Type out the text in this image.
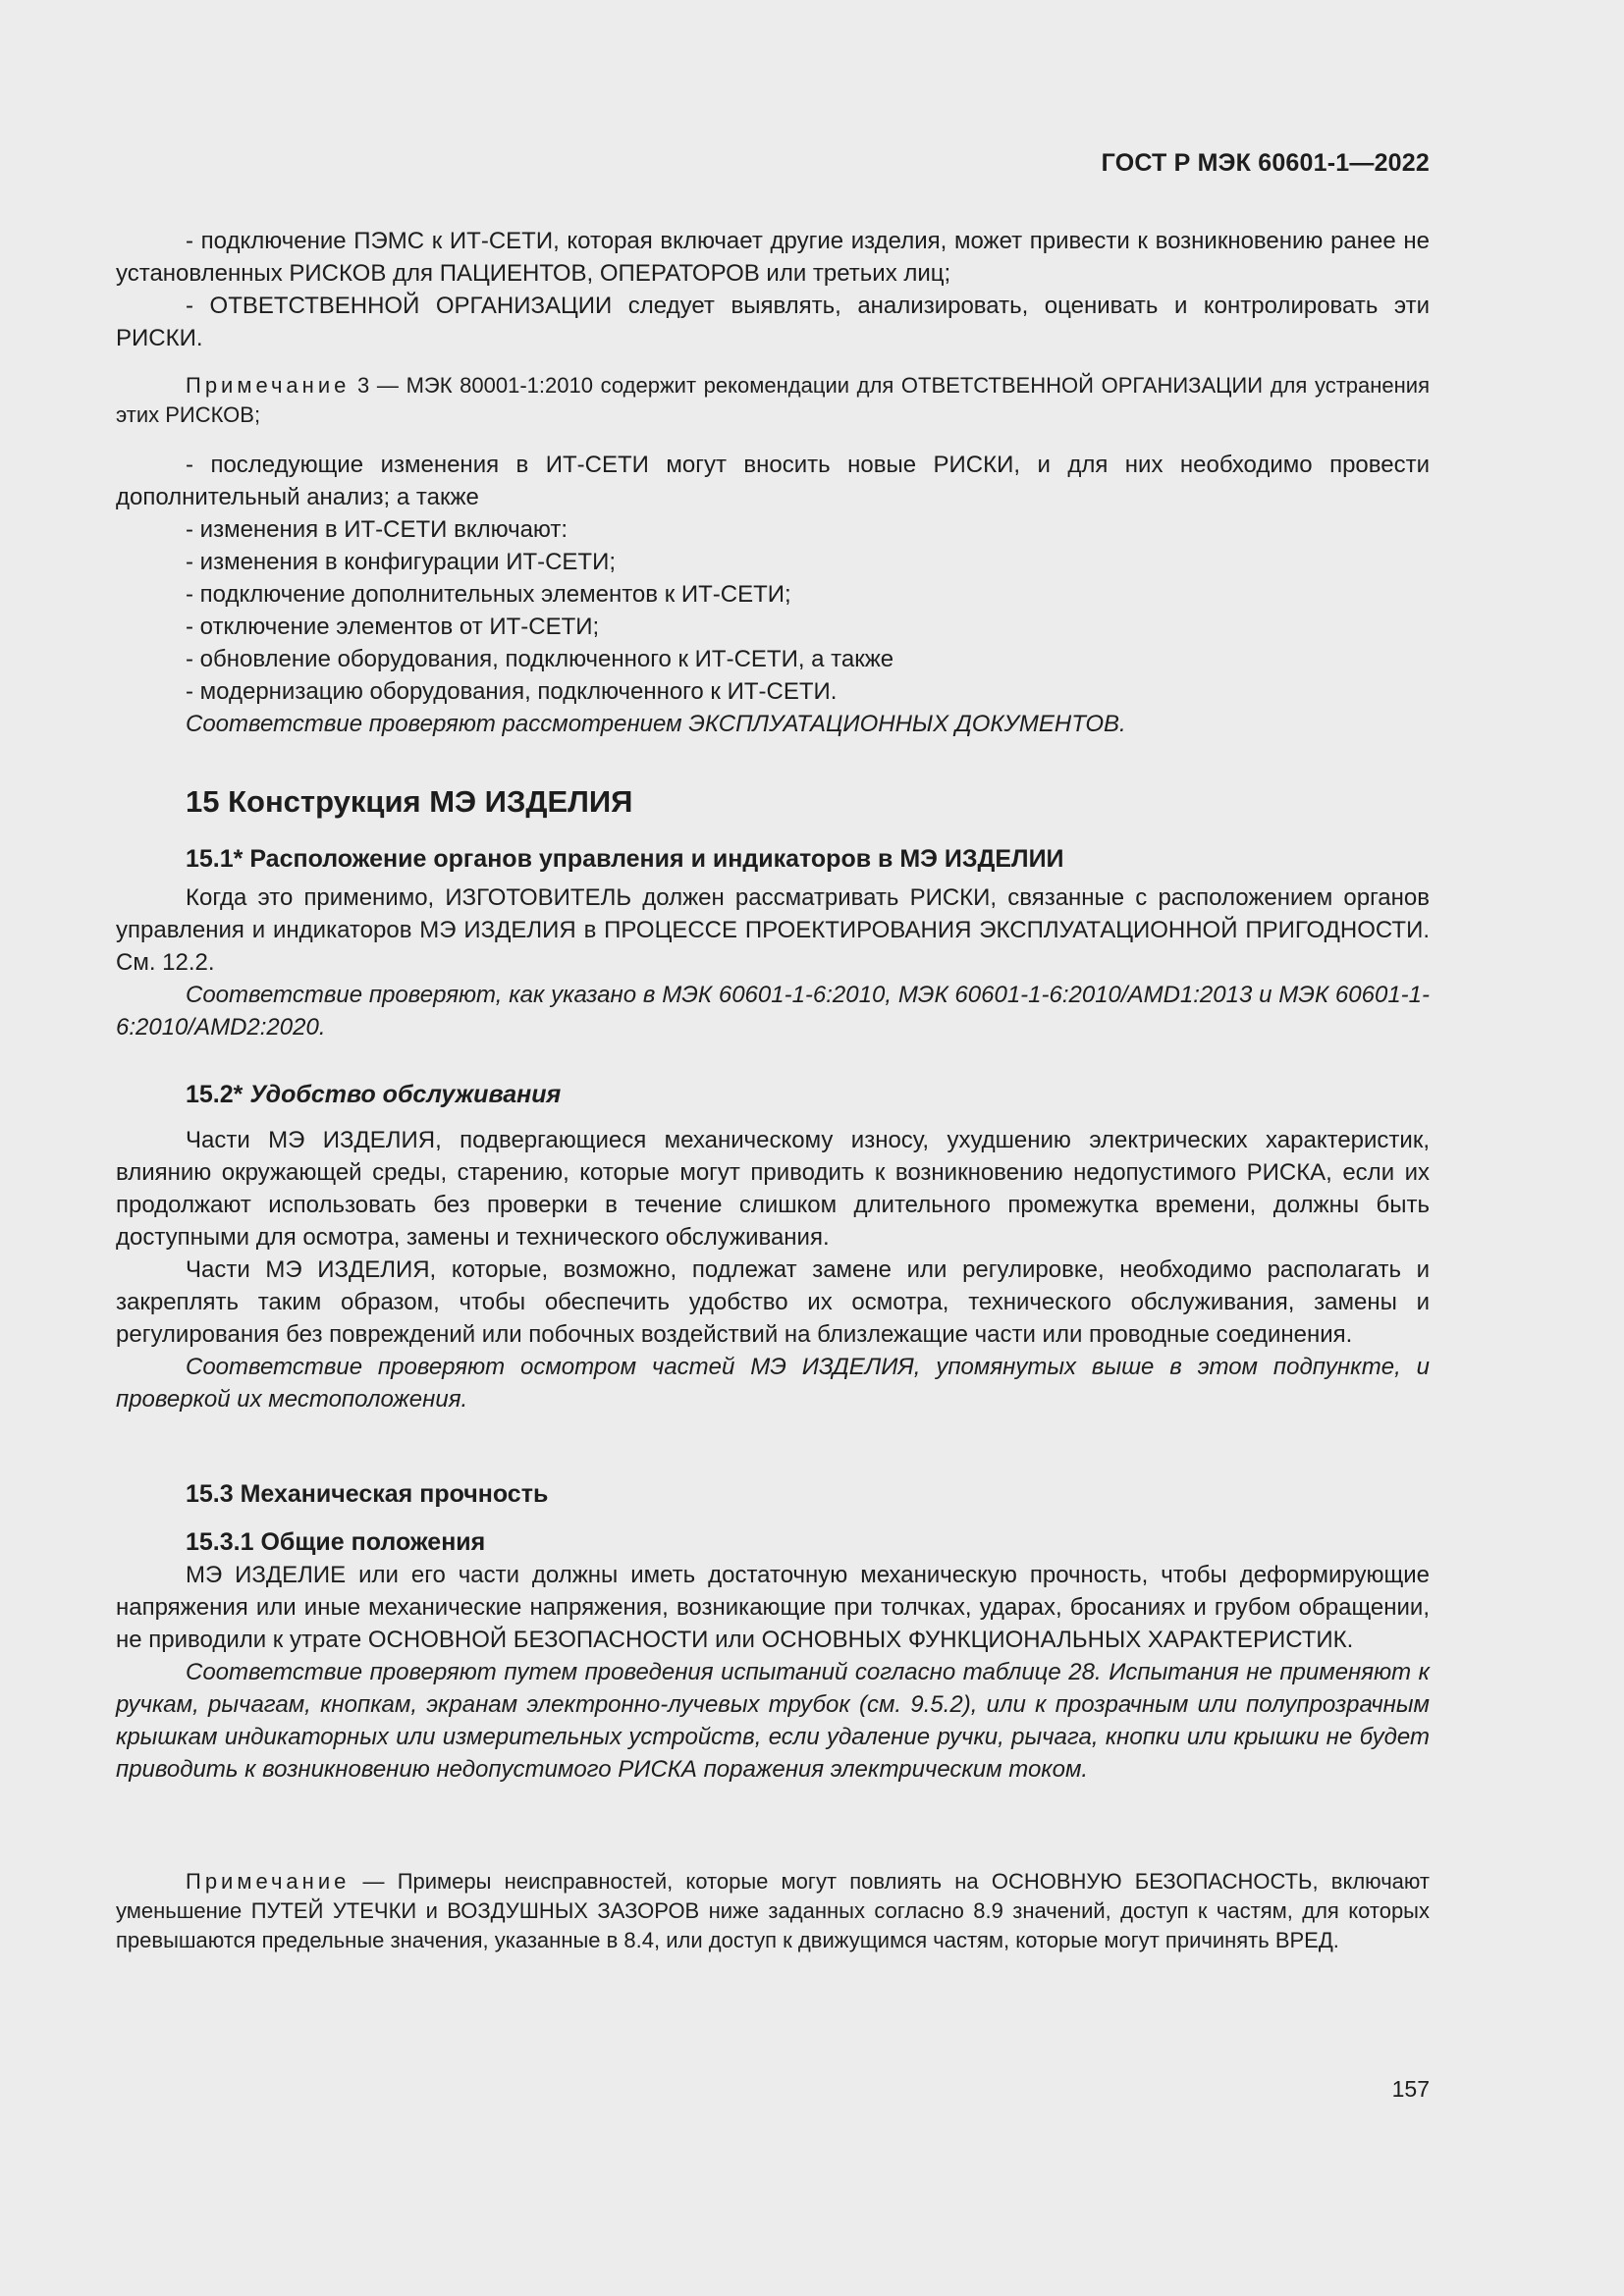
ГОСТ Р МЭК 60601-1—2022

- подключение ПЭМС к ИТ-СЕТИ, которая включает другие изделия, может привести к возникновению ранее не установленных РИСКОВ для ПАЦИЕНТОВ, ОПЕРАТОРОВ или третьих лиц;

- ОТВЕТСТВЕННОЙ ОРГАНИЗАЦИИ следует выявлять, анализировать, оценивать и контролировать эти РИСКИ.

Примечание 3 — МЭК 80001-1:2010 содержит рекомендации для ОТВЕТСТВЕННОЙ ОРГАНИЗАЦИИ для устранения этих РИСКОВ;

- последующие изменения в ИТ-СЕТИ могут вносить новые РИСКИ, и для них необходимо провести дополнительный анализ; а также

- изменения в ИТ-СЕТИ включают:

- изменения в конфигурации ИТ-СЕТИ;

- подключение дополнительных элементов к ИТ-СЕТИ;

- отключение элементов от ИТ-СЕТИ;

- обновление оборудования, подключенного к ИТ-СЕТИ, а также

- модернизацию оборудования, подключенного к ИТ-СЕТИ.

Соответствие проверяют рассмотрением ЭКСПЛУАТАЦИОННЫХ ДОКУМЕНТОВ.

15 Конструкция МЭ ИЗДЕЛИЯ

15.1* Расположение органов управления и индикаторов в МЭ ИЗДЕЛИИ

Когда это применимо, ИЗГОТОВИТЕЛЬ должен рассматривать РИСКИ, связанные с расположением органов управления и индикаторов МЭ ИЗДЕЛИЯ в ПРОЦЕССЕ ПРОЕКТИРОВАНИЯ ЭКСПЛУАТАЦИОННОЙ ПРИГОДНОСТИ. См. 12.2.

Соответствие проверяют, как указано в МЭК 60601-1-6:2010, МЭК 60601-1-6:2010/AMD1:2013 и МЭК 60601-1-6:2010/AMD2:2020.

15.2* Удобство обслуживания

Части МЭ ИЗДЕЛИЯ, подвергающиеся механическому износу, ухудшению электрических характеристик, влиянию окружающей среды, старению, которые могут приводить к возникновению недопустимого РИСКА, если их продолжают использовать без проверки в течение слишком длительного промежутка времени, должны быть доступными для осмотра, замены и технического обслуживания.

Части МЭ ИЗДЕЛИЯ, которые, возможно, подлежат замене или регулировке, необходимо располагать и закреплять таким образом, чтобы обеспечить удобство их осмотра, технического обслуживания, замены и регулирования без повреждений или побочных воздействий на близлежащие части или проводные соединения.

Соответствие проверяют осмотром частей МЭ ИЗДЕЛИЯ, упомянутых выше в этом подпункте, и проверкой их местоположения.

15.3 Механическая прочность

15.3.1 Общие положения

МЭ ИЗДЕЛИЕ или его части должны иметь достаточную механическую прочность, чтобы деформирующие напряжения или иные механические напряжения, возникающие при толчках, ударах, бросаниях и грубом обращении, не приводили к утрате ОСНОВНОЙ БЕЗОПАСНОСТИ или ОСНОВНЫХ ФУНКЦИОНАЛЬНЫХ ХАРАКТЕРИСТИК.

Соответствие проверяют путем проведения испытаний согласно таблице 28. Испытания не применяют к ручкам, рычагам, кнопкам, экранам электронно-лучевых трубок (см. 9.5.2), или к прозрачным или полупрозрачным крышкам индикаторных или измерительных устройств, если удаление ручки, рычага, кнопки или крышки не будет приводить к возникновению недопустимого РИСКА поражения электрическим током.

Примечание — Примеры неисправностей, которые могут повлиять на ОСНОВНУЮ БЕЗОПАСНОСТЬ, включают уменьшение ПУТЕЙ УТЕЧКИ и ВОЗДУШНЫХ ЗАЗОРОВ ниже заданных согласно 8.9 значений, доступ к частям, для которых превышаются предельные значения, указанные в 8.4, или доступ к движущимся частям, которые могут причинять ВРЕД.

157
